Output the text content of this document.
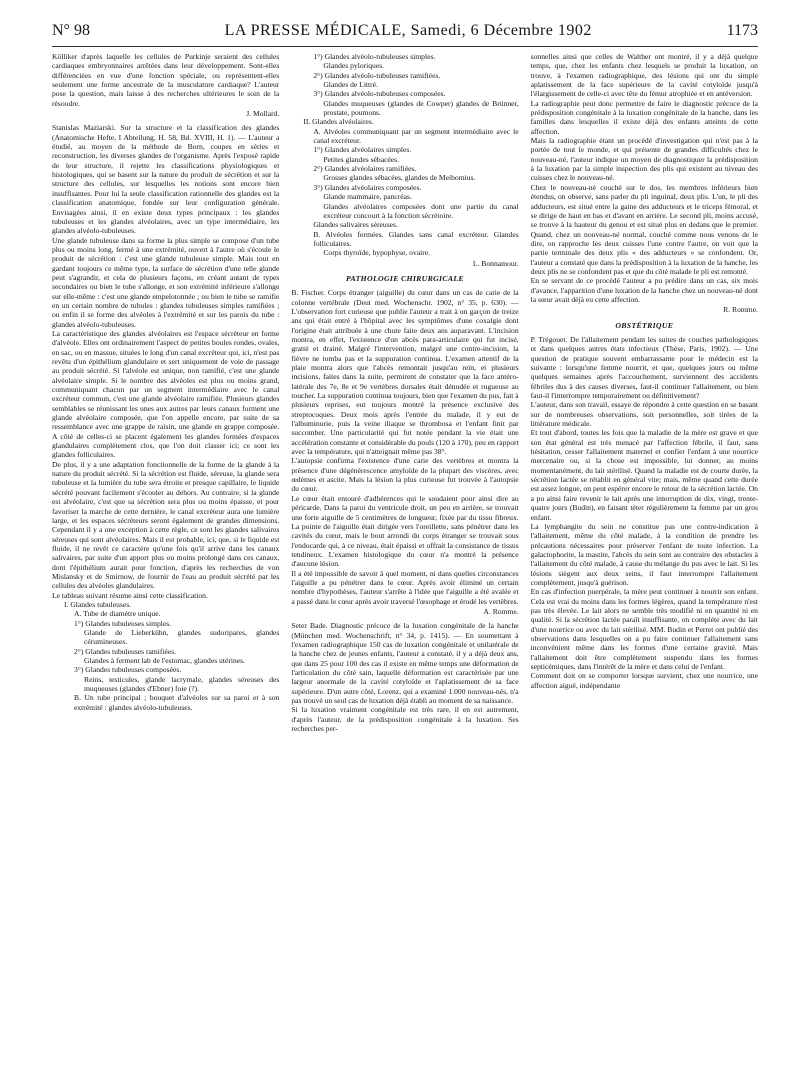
N° 98	LA PRESSE MÉDICALE, Samedi, 6 Décembre 1902	1173

Kölliker d'après laquelle les cellules de Purkinje seraient des cellules cardiaques embryonnaires arrêtées dans leur développement. Sont-elles différenciées en vue d'une fonction spéciale, ou représentent-elles seulement une forme ancestrale de la musculature cardiaque? L'auteur pose la question, mais laisse à des recherches ultérieures le soin de la résoudre.

J. Mollard.

Stanislas Maziarski. Sur la structure et la classification des glandes (Anatomische Hefte, I Abteilung, H. 58, Bd. XVIII, H. 1). — L'auteur a étudié, au moyen de la méthode de Born, coupes en séries et reconstruction, les diverses glandes de l'organisme. Après l'exposé rapide de leur structure, il rejette les classifications physiologiques et histologiques, qui se basent sur la nature du produit de sécrétion et sur la structure des cellules, sur lesquelles les notions sont encore bien insuffisantes. Pour lui la seule classification rationnelle des glandes est la classification anatomique, fondée sur leur configuration générale. Envisagées ainsi, il en existe deux types principaux : les glandes tubuleuses et les glandes alvéolaires, avec un type intermédiaire, les glandes alvéolo-tubuleuses.

Une glande tubuleuse dans sa forme la plus simple se compose d'un tube plus ou moins long, fermé à une extrémité, ouvert à l'autre où s'écoule le produit de sécrétion : c'est une glande tubuleuse simple. Mais tout en gardant toujours ce même type, la surface de sécrétion d'une telle glande peut s'agrandir, et cela de plusieurs façons, en créant autant de types secondaires ou bien le tube s'allonge, et son extrémité inférieure s'allonge sur elle-même : c'est une glande empelotonnée ; ou bien le tube se ramifie en un certain nombre de tubules : glandes tubuleuses simples ramifiées ; ou enfin il se forme des alvéoles à l'extrémité et sur les parois du tube : glandes alvéolo-tubuleuses.

La caractéristique des glandes alvéolaires est l'espace sécréteur en forme d'alvéole. Elles ont ordinairement l'aspect de petites boules rondes, ovales, en sac, ou en massue, situées le long d'un canal excréteur qui, ici, n'est pas revêtu d'un épithélium glandulaire et sert uniquement de voie de passage au produit sécrété. Si l'alvéole est unique, non ramifié, c'est une glande alvéolaire simple. Si le nombre des alvéoles est plus ou moins grand, communiquant chacun par un segment intermédiaire avec le canal excréteur commun, c'est une glande alvéolaire ramifiée. Plusieurs glandes semblables se réunissant les unes aux autres par leurs canaux forment une glande alvéolaire composée, que l'on appelle encore, par suite de sa ressemblance avec une grappe de raisin, une glande en grappe composée. A côté de celles-ci se placent également les glandes formées d'espaces glandulaires complètement clos, que l'on doit classer ici; ce sont les glandes folliculaires.

De plus, il y a une adaptation fonctionnelle de la forme de la glande à la nature du produit sécrété. Si la sécrétion est fluide, séreuse, la glande sera tubuleuse et la lumière du tube sera étroite et presque capillaire, le liquide sécrété pouvant facilement s'écouler au dehors. Au contraire, si la glande est alvéolaire, c'est que sa sécrétion sera plus ou moins épaisse, et pour favoriser la marche de cette dernière, le canal excréteur aura une lumière large, et les espaces sécréteurs seront également de grandes dimensions. Cependant il y a une exception à cette règle, ce sont les glandes salivaires séreuses qui sont alvéolaires. Mais il est probable, ici, que, si le liquide est fluide, il ne revêt ce caractère qu'une fois qu'il arrive dans les canaux salivaires, par suite d'un apport plus ou moins prolongé dans ces canaux, dont l'épithélium aurait pour fonction, d'après les recherches de von Mislansky et de Smirnow, de fournir de l'eau au produit sécrété par les cellules des alvéoles glandulaires.

Le tableau suivant résume ainsi cette classification.

I. Glandes tubuleuses.

A. Tube de diamètre unique.

1°) Glandes tubuleuses simples.

Glande de Lieberkühn, glandes sudoripares, glandes cérumineuses.

2°) Glandes tubuleuses ramifiées.

Glandes à ferment lab de l'estomac, glandes utérines.

3°) Glandes tubuleuses composées.

Reins, testicules, glande lacrymale, glandes séreuses des muqueuses (glandes d'Ebner) foie (?).

B. Un tube principal ; bouquet d'alvéoles sur sa paroi et à son extrémité : glandes alvéolo-tubuleuses.

1°) Glandes alvéolo-tubuleuses simples.

Glandes pyloriques.

2°) Glandes alvéolo-tubuleuses ramifiées.

Glandes de Littré.

3°) Glandes alvéolo-tubuleuses composées.

Glandes muqueuses (glandes de Cowper) glandes de Brünner, prostate, poumons.

II. Glandes alvéolaires.

A. Alvéoles communiquant par un segment intermédiaire avec le canal excréteur.

1°) Glandes alvéolaires simples.

Petites glandes sébacées.

2°) Glandes alvéolaires ramifiées.

Grosses glandes sébacées, glandes de Meibomius.

3°) Glandes alvéolaires composées.

Glande mammaire, pancréas.

Glandes alvéolaires composées dont une partie du canal excréteur concourt à la fonction sécrétoire.

Glandes salivaires séreuses.

B. Alvéoles fermées. Glandes sans canal excréteur. Glandes folliculaires.

Corps thyroïde, hypophyse, ovaire.

L. Bonnamour.

PATHOLOGIE CHIRURGICALE

B. Fischer. Corps étranger (aiguille) du cœur dans un cas de carie de la colonne vertébrale (Deut med. Wochenschr. 1902, n° 35, p. 630). — L'observation fort curieuse que publie l'auteur a trait à un garçon de treize ans qui était entré à l'hôpital avec les symptômes d'une coxalgie dont l'origine était attribuée à une chute faite deux ans auparavant. L'incision montra, en effet, l'existence d'un abcès para-articulaire qui fut incisé, gratté et drainé. Malgré l'intervention, malgré une contre-incision, la fièvre ne tomba pas et la suppuration continua. L'examen attentif de la plaie montra alors que l'abcès remontait jusqu'au rein, et plusieurs incisions, faites dans la suite, permirent de constater que la face antéro-latérale des 7e, 8e et 9e vertèbres dorsales était dénudée et rugueuse au toucher. La suppuration continua toujours, bien que l'examen du pus, fait à plusieurs reprises, eut toujours montré la présence exclusive des streptocoques. Deux mois après l'entrée du malade, il y eut de l'albuminurie, puis la veine iliaque se thrombosa et l'enfant finit par succomber. Une particularité qui fut notée pendant la vie était une accélération constante et considérable du pouls (120 à 170), peu en rapport avec la température, qui n'atteignait même pas 38°.

L'autopsie confirma l'existence d'une carie des vertèbres et montra la présence d'une dégénérescence amyloïde de la plupart des viscères, avec œdèmes et ascite. Mais la lésion la plus curieuse fut trouvée à l'autopsie du cœur.

Le cœur était entouré d'adhérences qui le soudaient pour ainsi dire au péricarde. Dans la paroi du ventricule droit, un peu en arrière, se trouvait une forte aiguille de 5 centimètres de longueur, fixée par du tissu fibreux. La pointe de l'aiguille était dirigée vers l'oreillette, sans pénétrer dans les cavités du cœur, mais le bout arrondi du corps étranger se trouvait sous l'endocarde qui, à ce niveau, était épaissi et offrait la consistance de tissus tendineux. L'examen histologique du cœur n'a montré la présence d'aucune lésion.

Il a été impossible de savoir à quel moment, ni dans quelles circonstances l'aiguille a pu pénétrer dans le cœur. Après avoir éliminé un certain nombre d'hypothèses, l'auteur s'arrête à l'idée que l'aiguille a été avalée et a passé dans le cœur après avoir traversé l'œsophage et érodé les vertèbres.

A. Romme.

Seter Bade. Diagnostic précoce de la luxation congénitale de la hanche (München med. Wochenschrift, n° 34, p. 1415). — En soumettant à l'examen radiographique 150 cas de luxation congénitale et unilatérale de la hanche chez de jeunes enfants, l'auteur a constaté, il y a déjà deux ans, que dans 25 pour 100 des cas il existe en même temps une déformation de l'articulation du côté sain, laquelle déformation est caractérisée par une largeur anormale de la cavité cotyloïde et l'aplatissement de sa face supérieure. D'un autre côté, Lorenz, qui a examiné 1.000 nouveau-nés, n'a pas trouvé un seul cas de luxation déjà établi au moment de sa naissance.

Si la luxation vraiment congénitale est très rare, il en est autrement, d'après l'auteur, de la prédisposition congénitale à la luxation. Ses recherches per-

sonnelles ainsi que celles de Walther ont montré, il y a déjà quelque temps, que, chez les enfants chez lesquels se produit la luxation, on trouve, à l'examen radiographique, des lésions qui ont du simple aplatissement de la face supérieure de la cavité cotyloïde jusqu'à l'élargissement de celle-ci avec tête du fémur atrophiée et en antéversion.

La radiographie peut donc permettre de faire le diagnostic précoce de la prédisposition congénitale à la luxation congénitale de la hanche, dans les familles dans lesquelles il existe déjà des enfants atteints de cette affection.

Mais la radiographie étant un procédé d'investigation qui n'est pas à la portée de tout le monde, et qui présente de grandes difficultés chez le nouveau-né, l'auteur indique un moyen de diagnostiquer la prédisposition à la luxation par la simple inspection des plis qui existent au niveau des cuisses chez le nouveau-né.

Chez le nouveau-né couché sur le dos, les membres inférieurs bien étendus, on observe, sans parler du pli inguinal, deux plis. L'un, le pli des adducteurs, est situé entre la gaine des adducteurs et le triceps fémoral, et se dirige de haut en bas et d'avant en arrière. Le second pli, moins accusé, se trouve à la hauteur du genou et est situé plus en dedans que le premier. Quand, chez un nouveau-né normal, couché comme nous venons de le dire, on rapproche les deux cuisses l'une contre l'autre, on voit que la partie terminale des deux plis « des adducteurs » se confondent. Or, l'auteur a constaté que dans la prédisposition à la luxation de la hanche, les deux plis ne se confondent pas et que du côté malade le pli est remonté.

En se servant de ce procédé l'auteur a pu prédire dans un cas, six mois d'avance, l'apparition d'une luxation de la hanche chez un nouveau-né dont la sœur avait déjà eu cette affection.

R. Romme.

OBSTÉTRIQUE

P. Trégouet. De l'allaitement pendant les suites de couches pathologiques et dans quelques autres états infectieux (Thèse, Paris, 1902). — Une question de pratique souvent embarrassante pour le médecin est la suivante : lorsqu'une femme nourrit, et que, quelques jours ou même quelques semaines après l'accouchement, surviennent des accidents fébriles dus à des causes diverses, faut-il continuer l'allaitement, ou bien faut-il l'interrompre temporairement ou définitivement?

L'auteur, dans son travail, essaye de répondre à cette question en se basant sur de nombreuses observations, soit personnelles, soit tirées de la littérature médicale.

Et tout d'abord, toutes les fois que la maladie de la mère est grave et que son état général est très menacé par l'affection fébrile, il faut, sans hésitation, cesser l'allaitement maternel et confier l'enfant à une nourrice mercenaire ou, si la chose est impossible, lui donner, au moins momentanément, du lait stérilisé. Quand la maladie est de courte durée, la sécrétion lactée se rétablit en général vite; mais, même quand cette durée est assez longue, on peut espérer encore le retour de la sécrétion lactée. On a pu ainsi faire revenir le lait après une interruption de dix, vingt, trente-quatre jours (Budin), en faisant téter régulièrement la femme par un gros enfant.

La lymphangite du sein ne constitue pas une contre-indication à l'allaitement, même du côté malade, à la condition de prendre les précautions nécessaires pour préserver l'enfant de toute infection. La galactophorite, la mastite, l'abcès du sein sont au contraire des obstacles à l'allaitement du côté malade, à cause du mélange du pus avec le lait. Si les lésions siègent aux deux seins, il faut interrompre l'allaitement complètement, jusqu'à guérison.

En cas d'infection puerpérale, la mère peut continuer à nourrir son enfant. Cela est vrai du moins dans les formes légères, quand la température n'est pas très élevée. Le lait alors ne semble très modifié ni en quantité ni en qualité. Si la sécrétion lactée paraît insuffisante, on complète avec du lait d'une nourrice ou avec du lait stérilisé. MM. Budin et Perret ont publié des observations dans lesquelles on a pu faire continuer l'allaitement sans inconvénient même dans les formes d'une certaine gravité. Mais l'allaitement doit être complètement suspendu dans les formes septicémiques, dans l'intérêt de la mère et dans celui de l'enfant.

Comment doit on se comporter lorsque survient, chez une nourrice, une affection aiguë, indépendante
